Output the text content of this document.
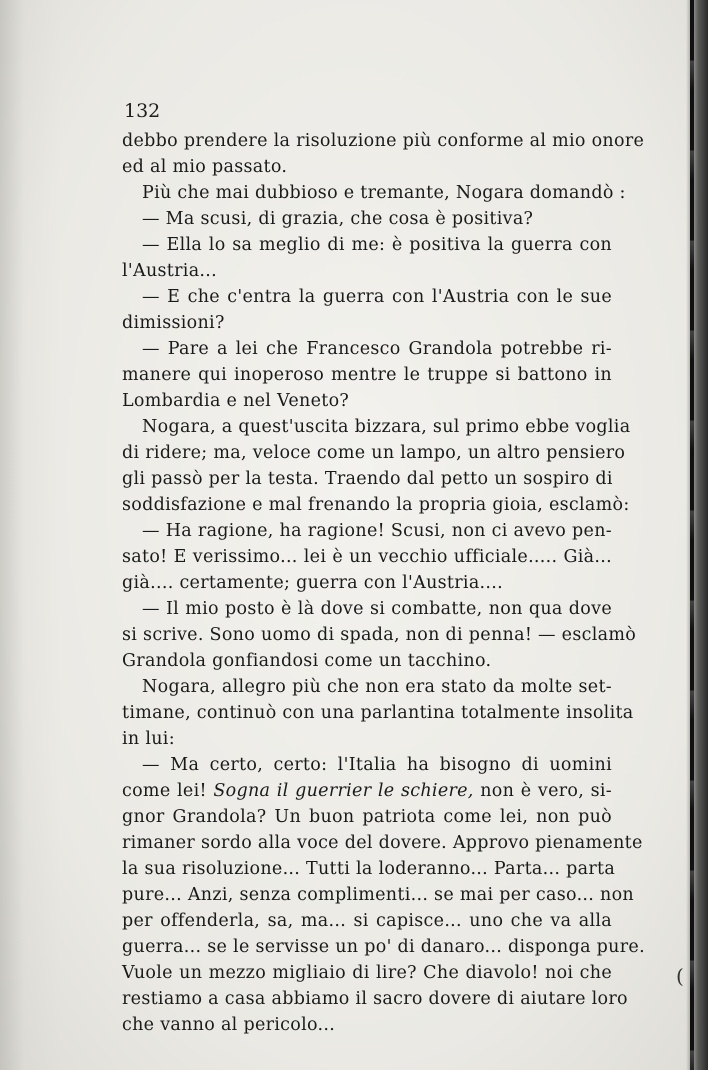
132
debbo prendere la risoluzione più conforme al mio onore
ed al mio passato.
Più che mai dubbioso e tremante, Nogara domandò :
— Ma scusi, di grazia, che cosa è positiva?
— Ella lo sa meglio di me: è positiva la guerra con
l'Austria...
— E che c'entra la guerra con l'Austria con le sue
dimissioni?
— Pare a lei che Francesco Grandola potrebbe ri-
manere qui inoperoso mentre le truppe si battono in
Lombardia e nel Veneto?
Nogara, a quest'uscita bizzara, sul primo ebbe voglia
di ridere; ma, veloce come un lampo, un altro pensiero
gli passò per la testa. Traendo dal petto un sospiro di
soddisfazione e mal frenando la propria gioia, esclamò:
— Ha ragione, ha ragione! Scusi, non ci avevo pen-
sato! E verissimo... lei è un vecchio ufficiale..... Già...
già.... certamente; guerra con l'Austria....
— Il mio posto è là dove si combatte, non qua dove
si scrive. Sono uomo di spada, non di penna! — esclamò
Grandola gonfiandosi come un tacchino.
Nogara, allegro più che non era stato da molte set-
timane, continuò con una parlantina totalmente insolita
in lui:
— Ma certo, certo: l'Italia ha bisogno di uomini
come lei! Sogna il guerrier le schiere, non è vero, si-
gnor Grandola? Un buon patriota come lei, non può
rimaner sordo alla voce del dovere. Approvo pienamente
la sua risoluzione... Tutti la loderanno... Parta... parta
pure... Anzi, senza complimenti... se mai per caso... non
per offenderla, sa, ma... si capisce... uno che va alla
guerra... se le servisse un po' di danaro... disponga pure.
Vuole un mezzo migliaio di lire? Che diavolo! noi che
restiamo a casa abbiamo il sacro dovere di aiutare loro
che vanno al pericolo...
(
